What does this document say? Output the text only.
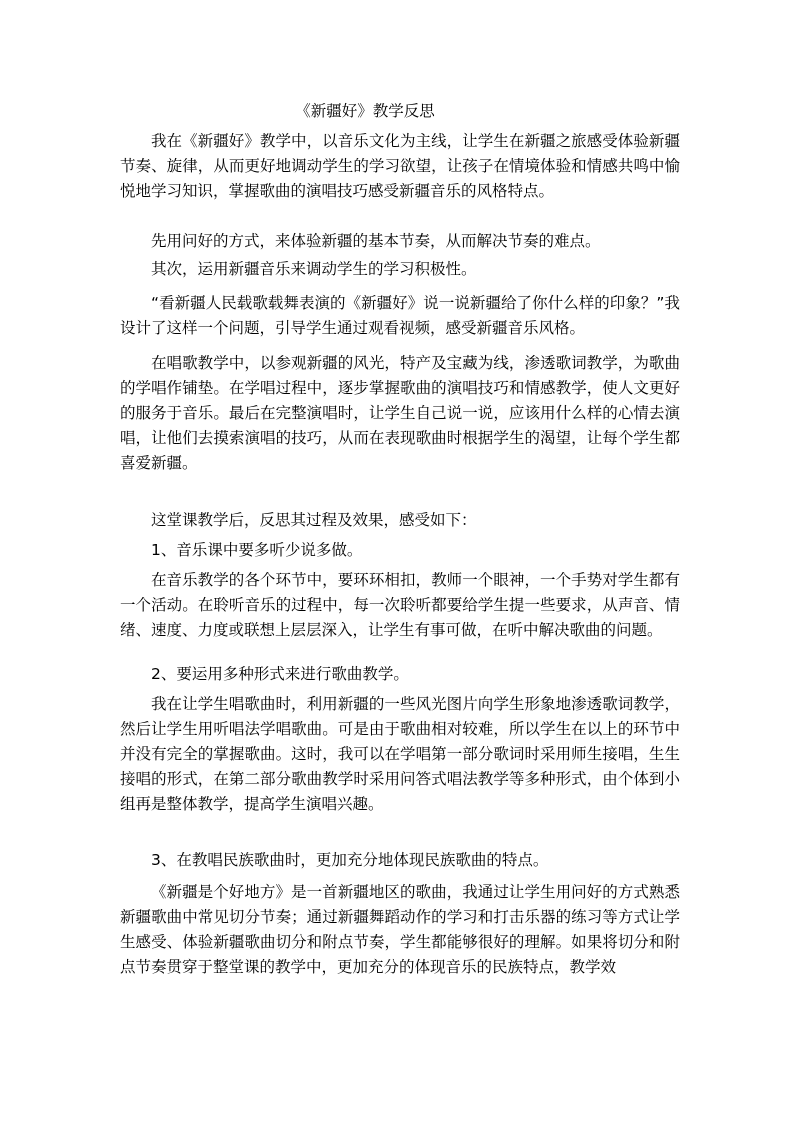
《新疆好》教学反思

我在《新疆好》教学中，以音乐文化为主线，让学生在新疆之旅感受体验新疆节奏、旋律，从而更好地调动学生的学习欲望，让孩子在情境体验和情感共鸣中愉悦地学习知识，掌握歌曲的演唱技巧感受新疆音乐的风格特点。

先用问好的方式，来体验新疆的基本节奏，从而解决节奏的难点。

其次，运用新疆音乐来调动学生的学习积极性。

“看新疆人民载歌载舞表演的《新疆好》说一说新疆给了你什么样的印象？”我设计了这样一个问题，引导学生通过观看视频，感受新疆音乐风格。

在唱歌教学中，以参观新疆的风光，特产及宝藏为线，渗透歌词教学，为歌曲的学唱作铺垫。在学唱过程中，逐步掌握歌曲的演唱技巧和情感教学，使人文更好的服务于音乐。最后在完整演唱时，让学生自己说一说，应该用什么样的心情去演唱，让他们去摸索演唱的技巧，从而在表现歌曲时根据学生的渴望，让每个学生都喜爱新疆。

这堂课教学后，反思其过程及效果，感受如下：

1、音乐课中要多听少说多做。

在音乐教学的各个环节中，要环环相扣，教师一个眼神，一个手势对学生都有一个活动。在聆听音乐的过程中，每一次聆听都要给学生提一些要求，从声音、情绪、速度、力度或联想上层层深入，让学生有事可做，在听中解决歌曲的问题。

2、要运用多种形式来进行歌曲教学。

我在让学生唱歌曲时，利用新疆的一些风光图片向学生形象地渗透歌词教学，然后让学生用听唱法学唱歌曲。可是由于歌曲相对较难，所以学生在以上的环节中并没有完全的掌握歌曲。这时，我可以在学唱第一部分歌词时采用师生接唱，生生接唱的形式，在第二部分歌曲教学时采用问答式唱法教学等多种形式，由个体到小组再是整体教学，提高学生演唱兴趣。

3、在教唱民族歌曲时，更加充分地体现民族歌曲的特点。

《新疆是个好地方》是一首新疆地区的歌曲，我通过让学生用问好的方式熟悉新疆歌曲中常见切分节奏；通过新疆舞蹈动作的学习和打击乐器的练习等方式让学生感受、体验新疆歌曲切分和附点节奏，学生都能够很好的理解。如果将切分和附点节奏贯穿于整堂课的教学中，更加充分的体现音乐的民族特点，教学效
